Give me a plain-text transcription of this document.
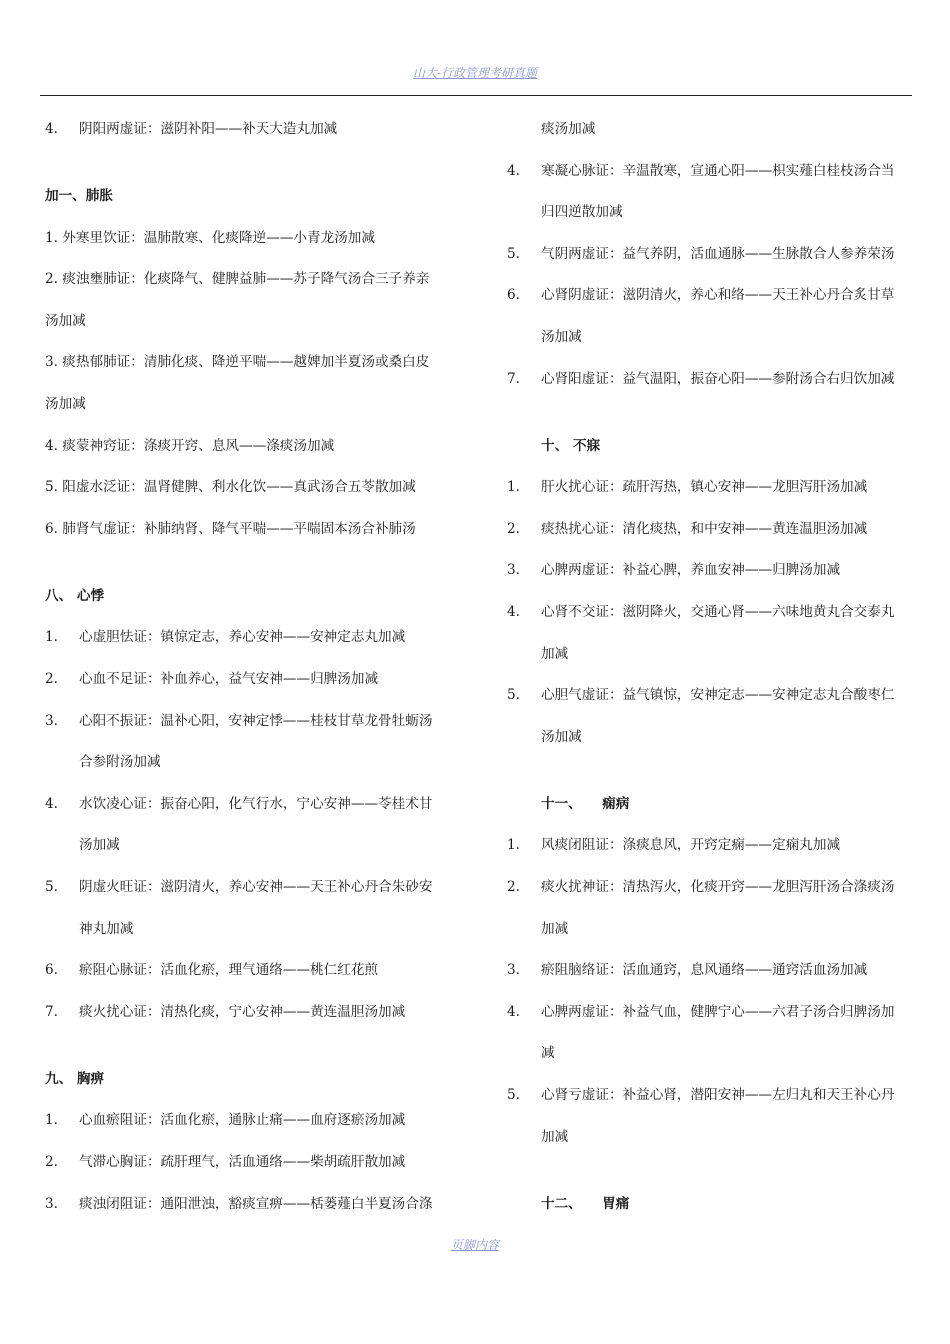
山大-行政管理考研真题
4. 阴阳两虚证：滋阴补阳——补天大造丸加减
加一、肺胀
1. 外寒里饮证：温肺散寒、化痰降逆——小青龙汤加减
2. 痰浊壅肺证：化痰降气、健脾益肺——苏子降气汤合三子养亲
汤加减
3. 痰热郁肺证：清肺化痰、降逆平喘——越婢加半夏汤或桑白皮
汤加减
4. 痰蒙神窍证：涤痰开窍、息风——涤痰汤加减
5. 阳虚水泛证：温肾健脾、利水化饮——真武汤合五苓散加减
6. 肺肾气虚证：补肺纳肾、降气平喘——平喘固本汤合补肺汤
八、 心悸
1. 心虚胆怯证：镇惊定志，养心安神——安神定志丸加减
2. 心血不足证：补血养心，益气安神——归脾汤加减
3. 心阳不振证：温补心阳，安神定悸——桂枝甘草龙骨牡蛎汤
合参附汤加减
4. 水饮凌心证：振奋心阳，化气行水，宁心安神——苓桂术甘
汤加减
5. 阴虚火旺证：滋阴清火，养心安神——天王补心丹合朱砂安
神丸加减
6. 瘀阻心脉证：活血化瘀，理气通络——桃仁红花煎
7. 痰火扰心证：清热化痰，宁心安神——黄连温胆汤加减
九、 胸痹
1. 心血瘀阻证：活血化瘀，通脉止痛——血府逐瘀汤加减
2. 气滞心胸证：疏肝理气，活血通络——柴胡疏肝散加减
3. 痰浊闭阻证：通阳泄浊，豁痰宣痹——栝蒌薤白半夏汤合涤
痰汤加减
4. 寒凝心脉证：辛温散寒，宣通心阳——枳实薤白桂枝汤合当
归四逆散加减
5. 气阴两虚证：益气养阴，活血通脉——生脉散合人参养荣汤
6. 心肾阴虚证：滋阴清火，养心和络——天王补心丹合炙甘草
汤加减
7. 心肾阳虚证：益气温阳，振奋心阳——参附汤合右归饮加减
十、 不寐
1. 肝火扰心证：疏肝泻热，镇心安神——龙胆泻肝汤加减
2. 痰热扰心证：清化痰热，和中安神——黄连温胆汤加减
3. 心脾两虚证：补益心脾，养血安神——归脾汤加减
4. 心肾不交证：滋阴降火，交通心肾——六味地黄丸合交泰丸
加减
5. 心胆气虚证：益气镇惊，安神定志——安神定志丸合酸枣仁
汤加减
十一、　　痫病
1. 风痰闭阻证：涤痰息风，开窍定痫——定痫丸加减
2. 痰火扰神证：清热泻火，化痰开窍——龙胆泻肝汤合涤痰汤
加减
3. 瘀阻脑络证：活血通窍，息风通络——通窍活血汤加减
4. 心脾两虚证：补益气血，健脾宁心——六君子汤合归脾汤加
减
5. 心肾亏虚证：补益心肾，潜阳安神——左归丸和天王补心丹
加减
十二、　　胃痛
页脚内容
